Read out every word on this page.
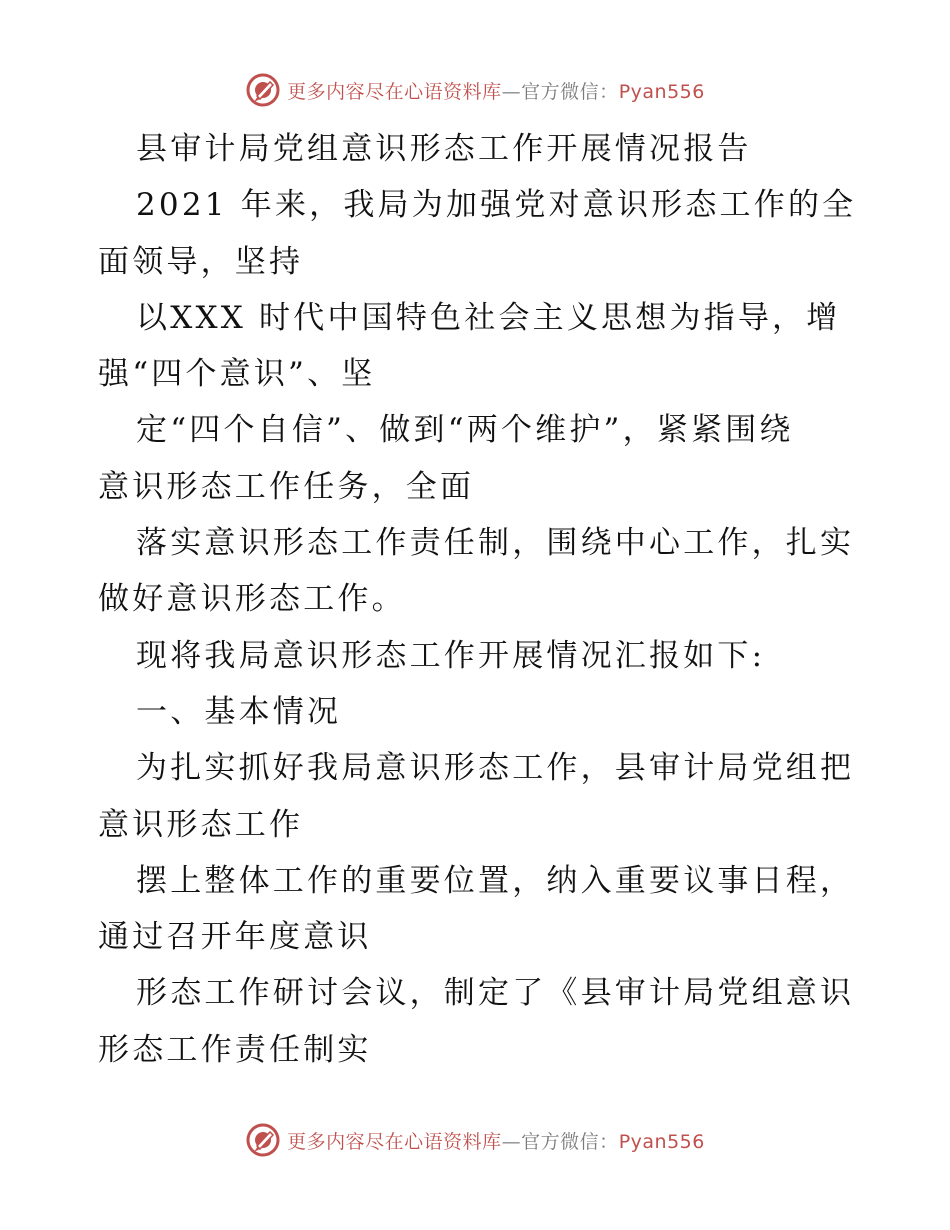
更多内容尽在心语资料库—官方微信：Pyan556
县审计局党组意识形态工作开展情况报告
2021 年来，我局为加强党对意识形态工作的全
面领导，坚持
以XXX 时代中国特色社会主义思想为指导，增
强“四个意识”、坚
定“四个自信”、做到“两个维护”，紧紧围绕
意识形态工作任务，全面
落实意识形态工作责任制，围绕中心工作，扎实
做好意识形态工作。
现将我局意识形态工作开展情况汇报如下:
一、基本情况
为扎实抓好我局意识形态工作，县审计局党组把
意识形态工作
摆上整体工作的重要位置，纳入重要议事日程，
通过召开年度意识
形态工作研讨会议，制定了《县审计局党组意识
形态工作责任制实
更多内容尽在心语资料库—官方微信：Pyan556
